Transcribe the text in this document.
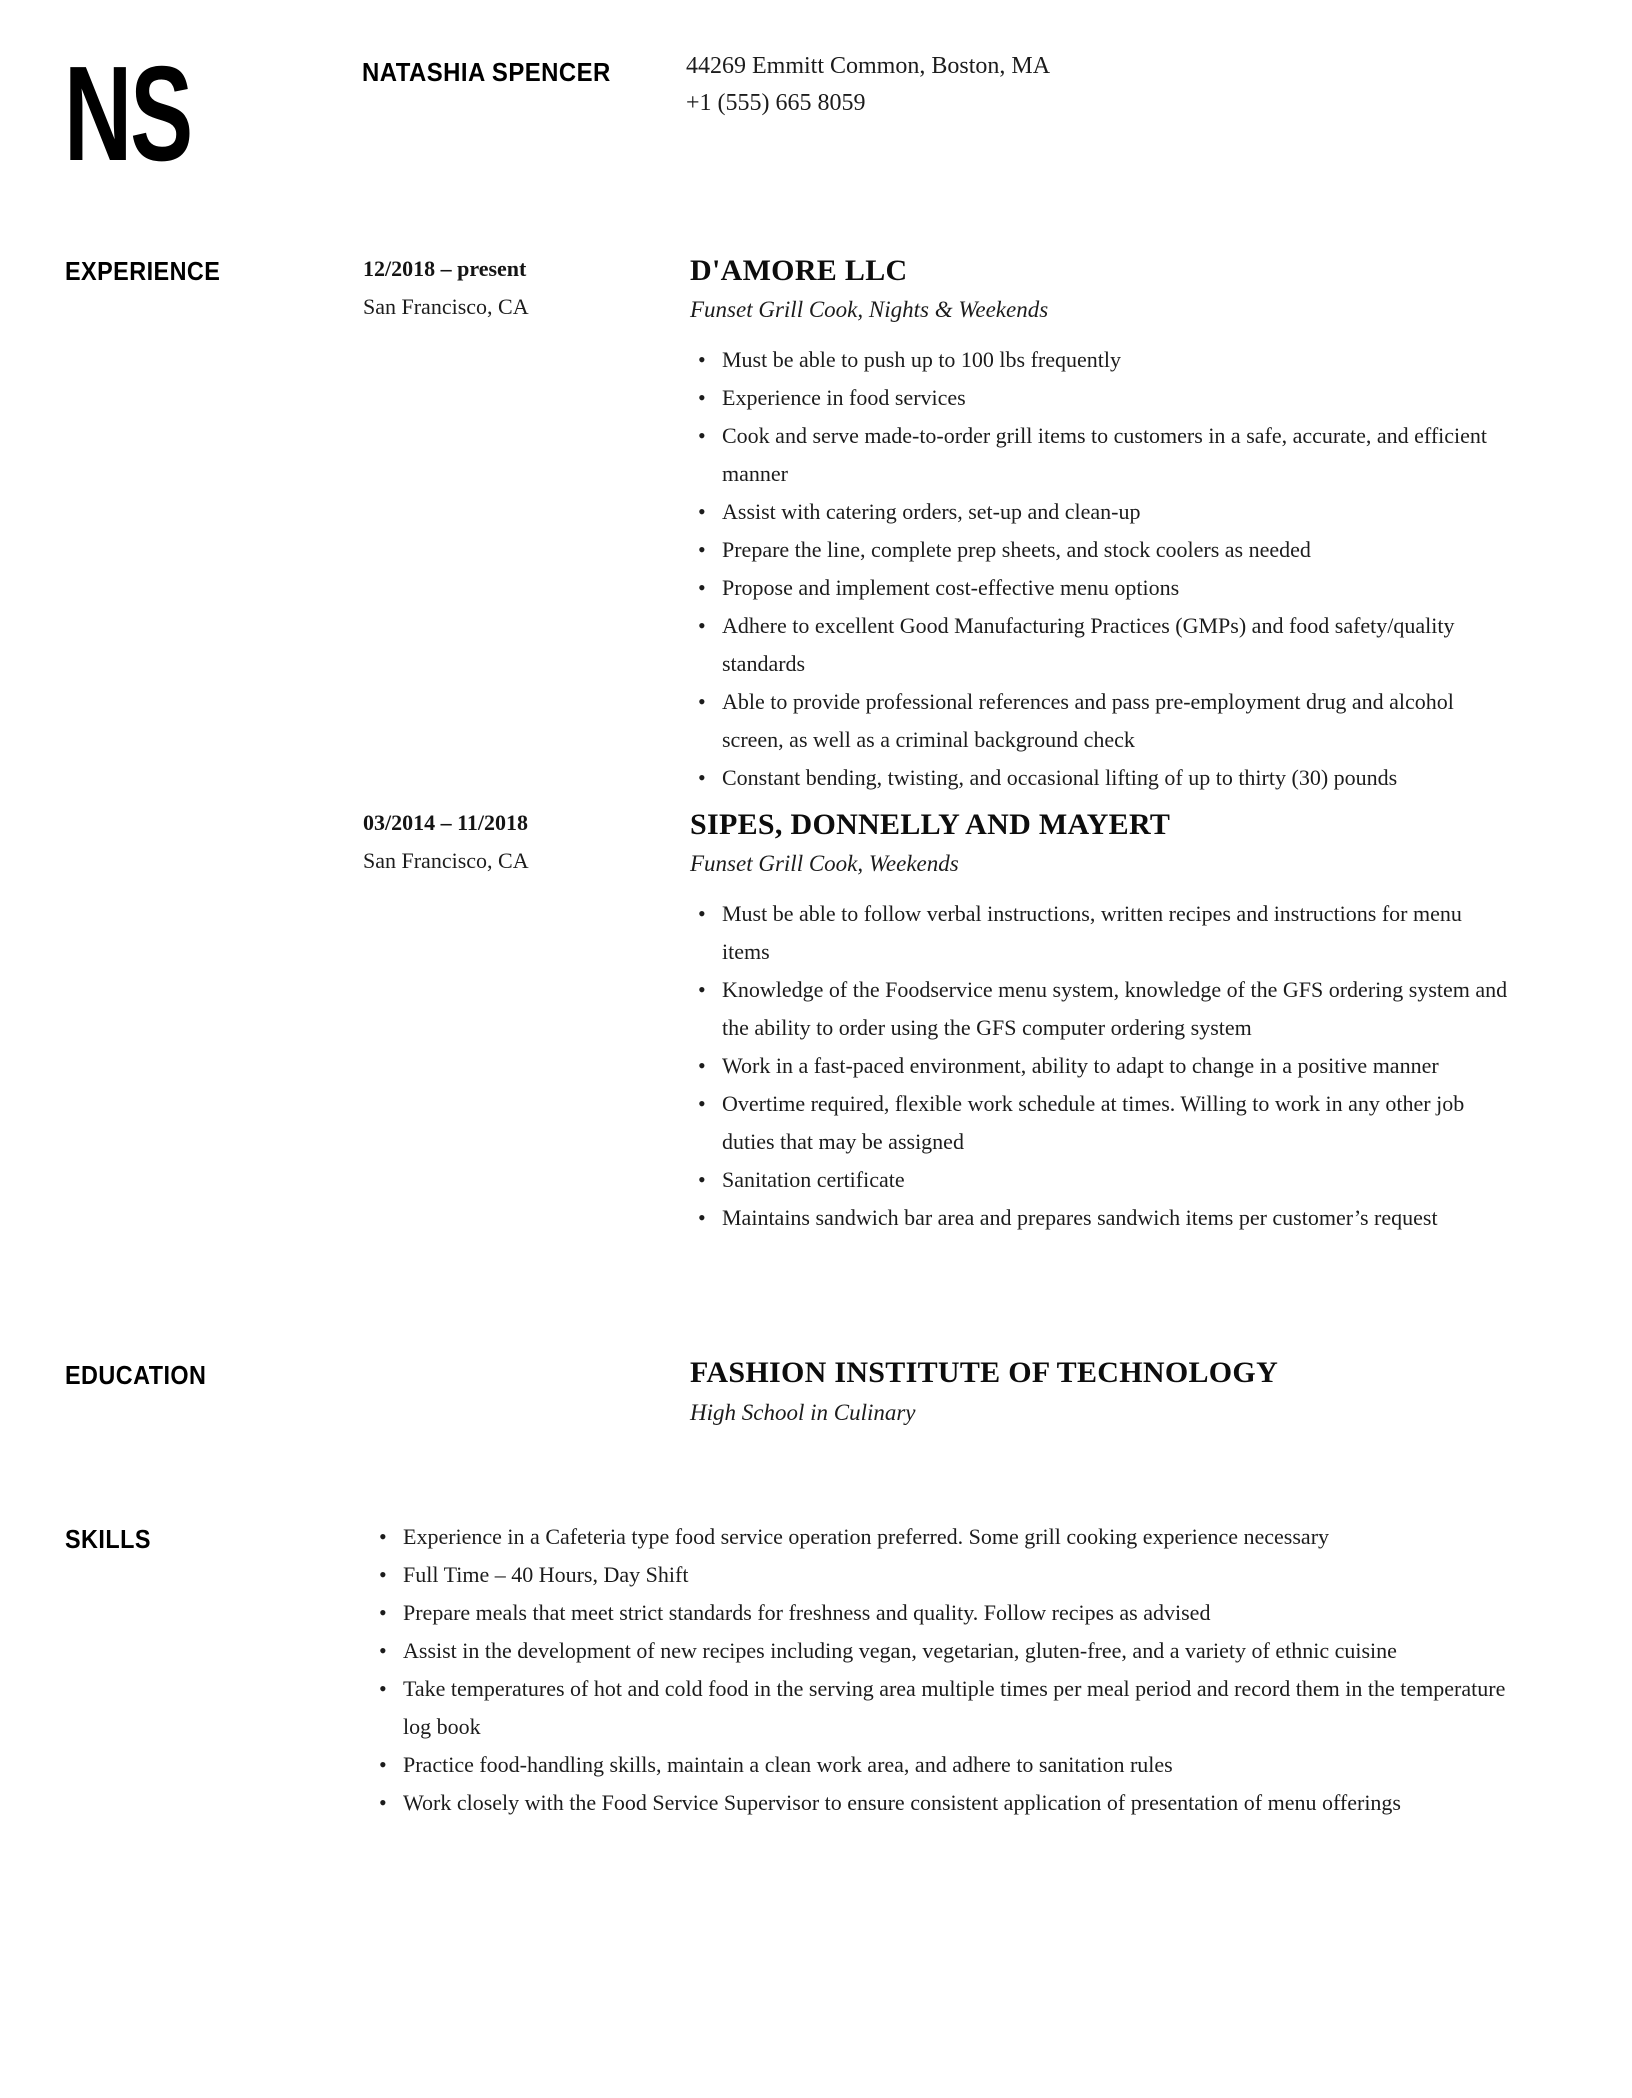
NS	NATASHIA SPENCER	44269 Emmitt Common, Boston, MA
+1 (555) 665 8059
EXPERIENCE
EDUCATION
SKILLS
12/2018 – present
San Francisco, CA
D'AMORE LLC
Funset Grill Cook, Nights & Weekends
• Must be able to push up to 100 lbs frequently
• Experience in food services
• Cook and serve made-to-order grill items to customers in a safe, accurate, and efficient manner
• Assist with catering orders, set-up and clean-up
• Prepare the line, complete prep sheets, and stock coolers as needed
• Propose and implement cost-effective menu options
• Adhere to excellent Good Manufacturing Practices (GMPs) and food safety/quality standards
• Able to provide professional references and pass pre-employment drug and alcohol screen, as well as a criminal background check
• Constant bending, twisting, and occasional lifting of up to thirty (30) pounds
03/2014 – 11/2018
San Francisco, CA
SIPES, DONNELLY AND MAYERT
Funset Grill Cook, Weekends
• Must be able to follow verbal instructions, written recipes and instructions for menu items
• Knowledge of the Foodservice menu system, knowledge of the GFS ordering system and the ability to order using the GFS computer ordering system
• Work in a fast-paced environment, ability to adapt to change in a positive manner
• Overtime required, flexible work schedule at times. Willing to work in any other job duties that may be assigned
• Sanitation certificate
• Maintains sandwich bar area and prepares sandwich items per customer’s request
FASHION INSTITUTE OF TECHNOLOGY
High School in Culinary
• Experience in a Cafeteria type food service operation preferred. Some grill cooking experience necessary
• Full Time – 40 Hours, Day Shift
• Prepare meals that meet strict standards for freshness and quality. Follow recipes as advised
• Assist in the development of new recipes including vegan, vegetarian, gluten-free, and a variety of ethnic cuisine
• Take temperatures of hot and cold food in the serving area multiple times per meal period and record them in the temperature log book
• Practice food-handling skills, maintain a clean work area, and adhere to sanitation rules
• Work closely with the Food Service Supervisor to ensure consistent application of presentation of menu offerings
